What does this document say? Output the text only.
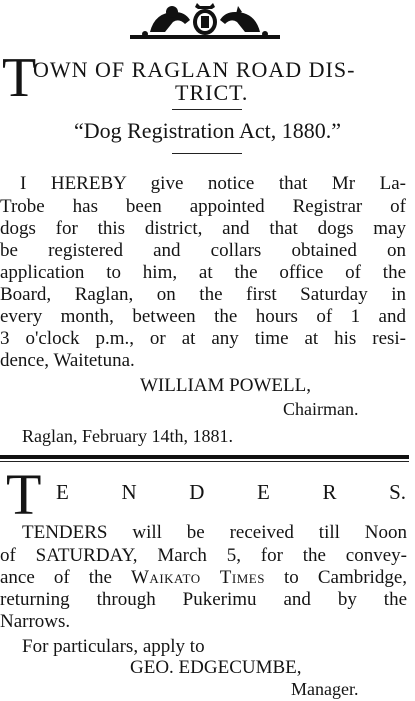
T
OWN OF RAGLAN ROAD DIS-
TRICT.
“Dog Registration Act, 1880.”
I HEREBY give notice that Mr La-
Trobe has been appointed Registrar of
dogs for this district, and that dogs may
be registered and collars obtained on
application to him, at the office of the
Board, Raglan, on the first Saturday in
every month, between the hours of 1 and
3 o'clock p.m., or at any time at his resi-
dence, Waitetuna.
WILLIAM POWELL,
Chairman.
Raglan, February 14th, 1881.
T E	N	D	E	R	S.
TENDERS will be received till Noon
of SATURDAY, March 5, for the convey-
ance of the Waikato Times to Cambridge,
returning through Pukerimu and by the
Narrows.
For particulars, apply to
GEO. EDGECUMBE,
Manager.
